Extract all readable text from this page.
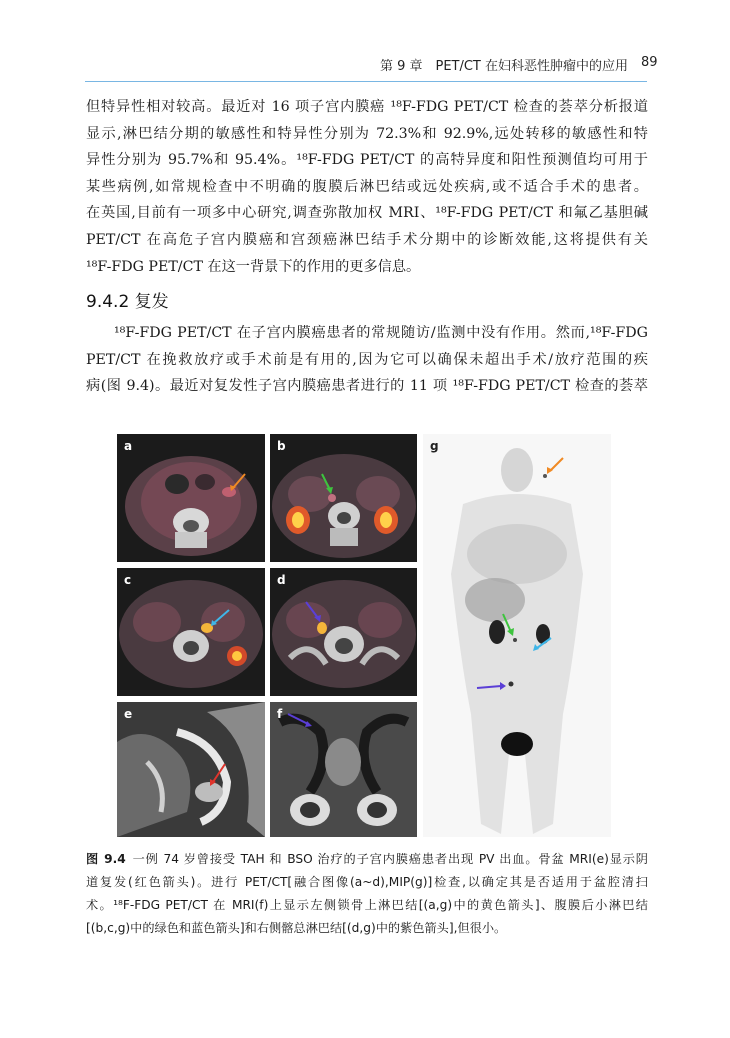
第 9 章　PET/CT 在妇科恶性肿瘤中的应用 89
但特异性相对较高。最近对 16 项子宫内膜癌 ¹⁸F-FDG PET/CT 检查的荟萃分析报道
显示,淋巴结分期的敏感性和特异性分别为 72.3%和 92.9%,远处转移的敏感性和特
异性分别为 95.7%和 95.4%。¹⁸F-FDG PET/CT 的高特异度和阳性预测值均可用于
某些病例,如常规检查中不明确的腹膜后淋巴结或远处疾病,或不适合手术的患者。
在英国,目前有一项多中心研究,调查弥散加权 MRI、¹⁸F-FDG PET/CT 和氟乙基胆碱
PET/CT 在高危子宫内膜癌和宫颈癌淋巴结手术分期中的诊断效能,这将提供有关
¹⁸F-FDG PET/CT 在这一背景下的作用的更多信息。
9.4.2 复发
¹⁸F-FDG PET/CT 在子宫内膜癌患者的常规随访/监测中没有作用。然而,¹⁸F-FDG
PET/CT 在挽救放疗或手术前是有用的,因为它可以确保未超出手术/放疗范围的疾
病(图 9.4)。最近对复发性子宫内膜癌患者进行的 11 项 ¹⁸F-FDG PET/CT 检查的荟萃
a	b
c	d
e	f
g
图 9.4 一例 74 岁曾接受 TAH 和 BSO 治疗的子宫内膜癌患者出现 PV 出血。骨盆 MRI(e)显示阴
道复发(红色箭头)。进行 PET/CT[融合图像(a~d),MIP(g)]检查,以确定其是否适用于盆腔清扫
术。¹⁸F-FDG PET/CT 在 MRI(f)上显示左侧锁骨上淋巴结[(a,g)中的黄色箭头]、腹膜后小淋巴结
[(b,c,g)中的绿色和蓝色箭头]和右侧髂总淋巴结[(d,g)中的紫色箭头],但很小。
